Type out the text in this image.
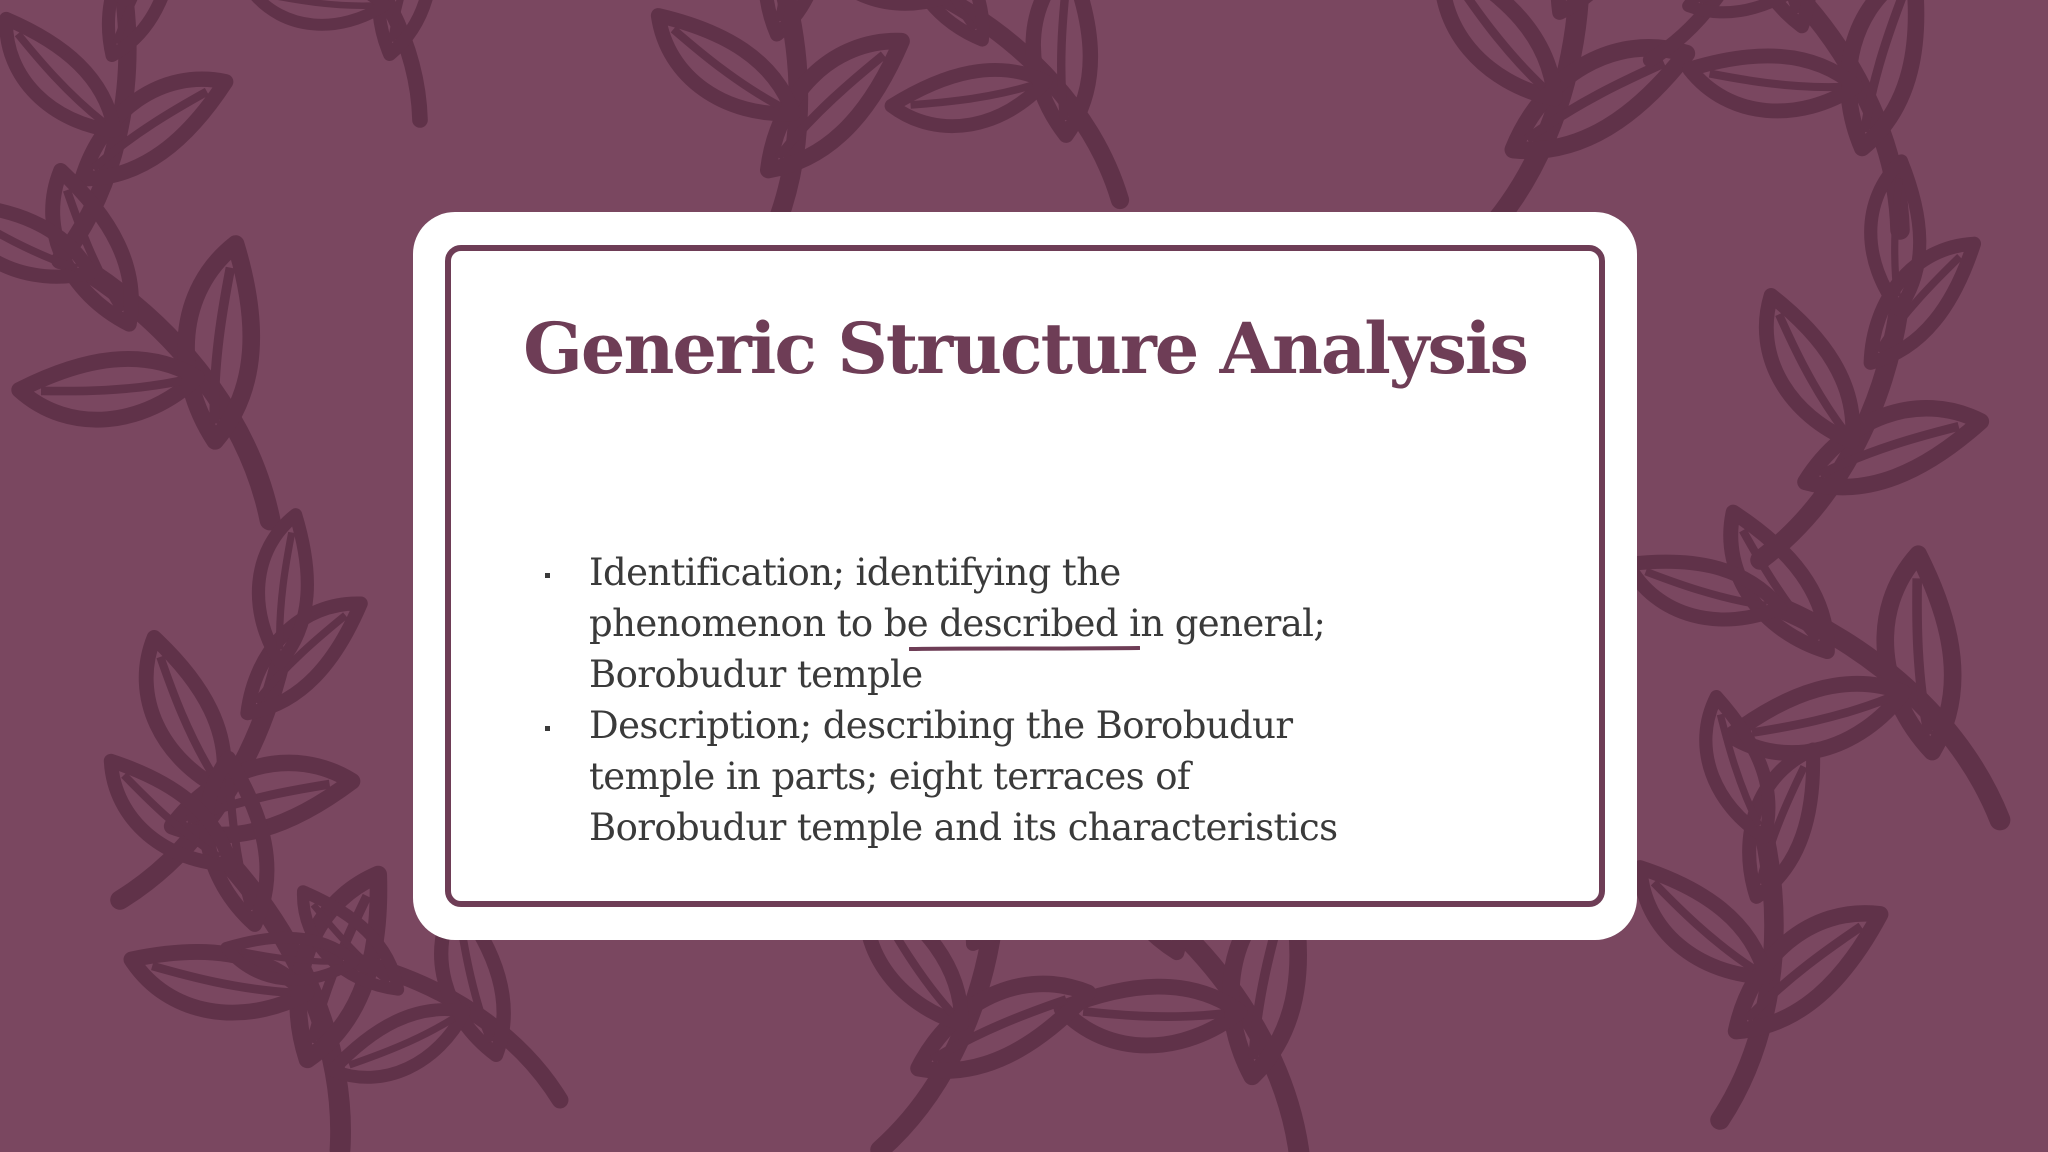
Generic Structure Analysis
Identification; identifying the
phenomenon to be described in general;
Borobudur temple
Description; describing the Borobudur
temple in parts; eight terraces of
Borobudur temple and its characteristics
